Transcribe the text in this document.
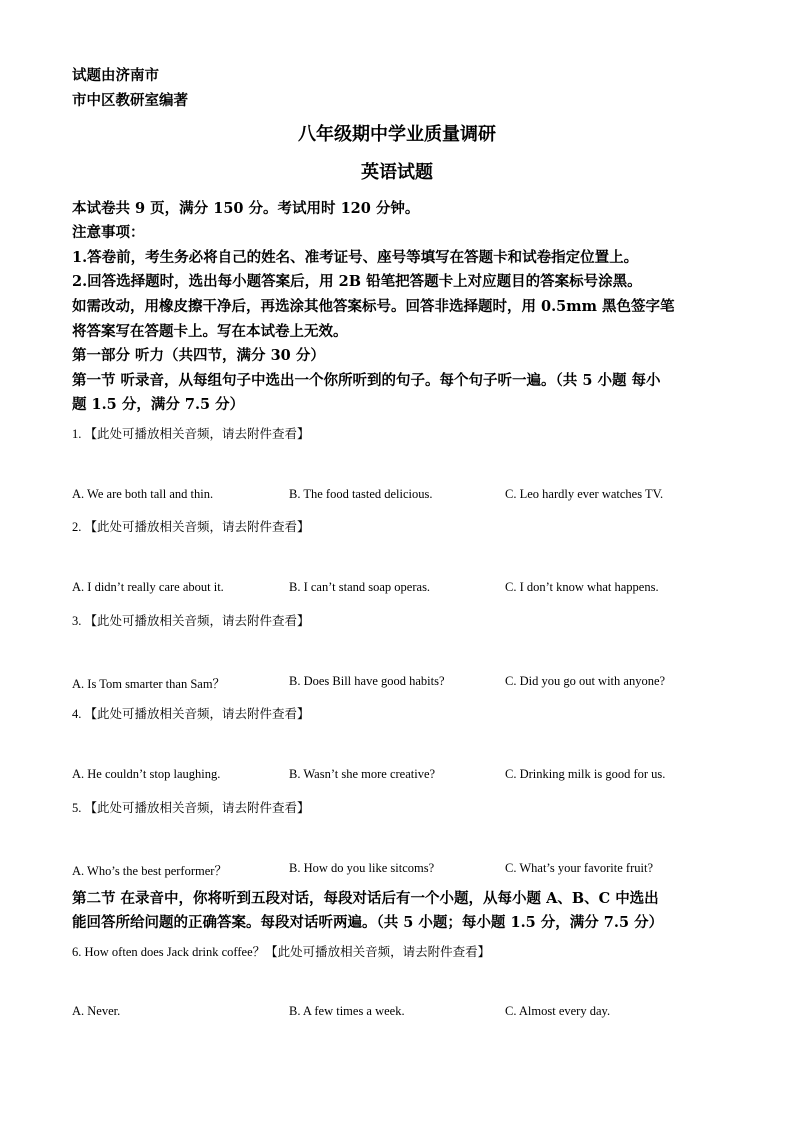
试题由济南市
市中区教研室编著
八年级期中学业质量调研
英语试题
本试卷共 9 页，满分 150 分。考试用时 120 分钟。
注意事项：
1.答卷前，考生务必将自己的姓名、准考证号、座号等填写在答题卡和试卷指定位置上。
2.回答选择题时，选出每小题答案后，用 2B 铅笔把答题卡上对应题目的答案标号涂黑。
如需改动，用橡皮擦干净后，再选涂其他答案标号。回答非选择题时，用 0.5mm 黑色签字笔
将答案写在答题卡上。写在本试卷上无效。
第一部分 听力（共四节，满分 30 分）
第一节 听录音，从每组句子中选出一个你所听到的句子。每个句子听一遍。（共 5 小题 每小
题 1.5 分，满分 7.5 分）
1. 【此处可播放相关音频，请去附件查看】
A. We are both tall and thin.	B. The food tasted delicious.	C. Leo hardly ever watches TV.
2. 【此处可播放相关音频，请去附件查看】
A. I didn’t really care about it.	B. I can’t stand soap operas.	C. I don’t know what happens.
3. 【此处可播放相关音频，请去附件查看】
A. Is Tom smarter than Sam？	B. Does Bill have good habits?	C. Did you go out with anyone?
4. 【此处可播放相关音频，请去附件查看】
A. He couldn’t stop laughing.	B. Wasn’t she more creative?	C. Drinking milk is good for us.
5. 【此处可播放相关音频，请去附件查看】
A. Who’s the best performer？	B. How do you like sitcoms?	C. What’s your favorite fruit?
第二节 在录音中，你将听到五段对话，每段对话后有一个小题，从每小题 A、B、C 中选出
能回答所给问题的正确答案。每段对话听两遍。（共 5 小题；每小题 1.5 分，满分 7.5 分）
6. How often does Jack drink coffee？【此处可播放相关音频，请去附件查看】
A. Never.	B. A few times a week.	C. Almost every day.
